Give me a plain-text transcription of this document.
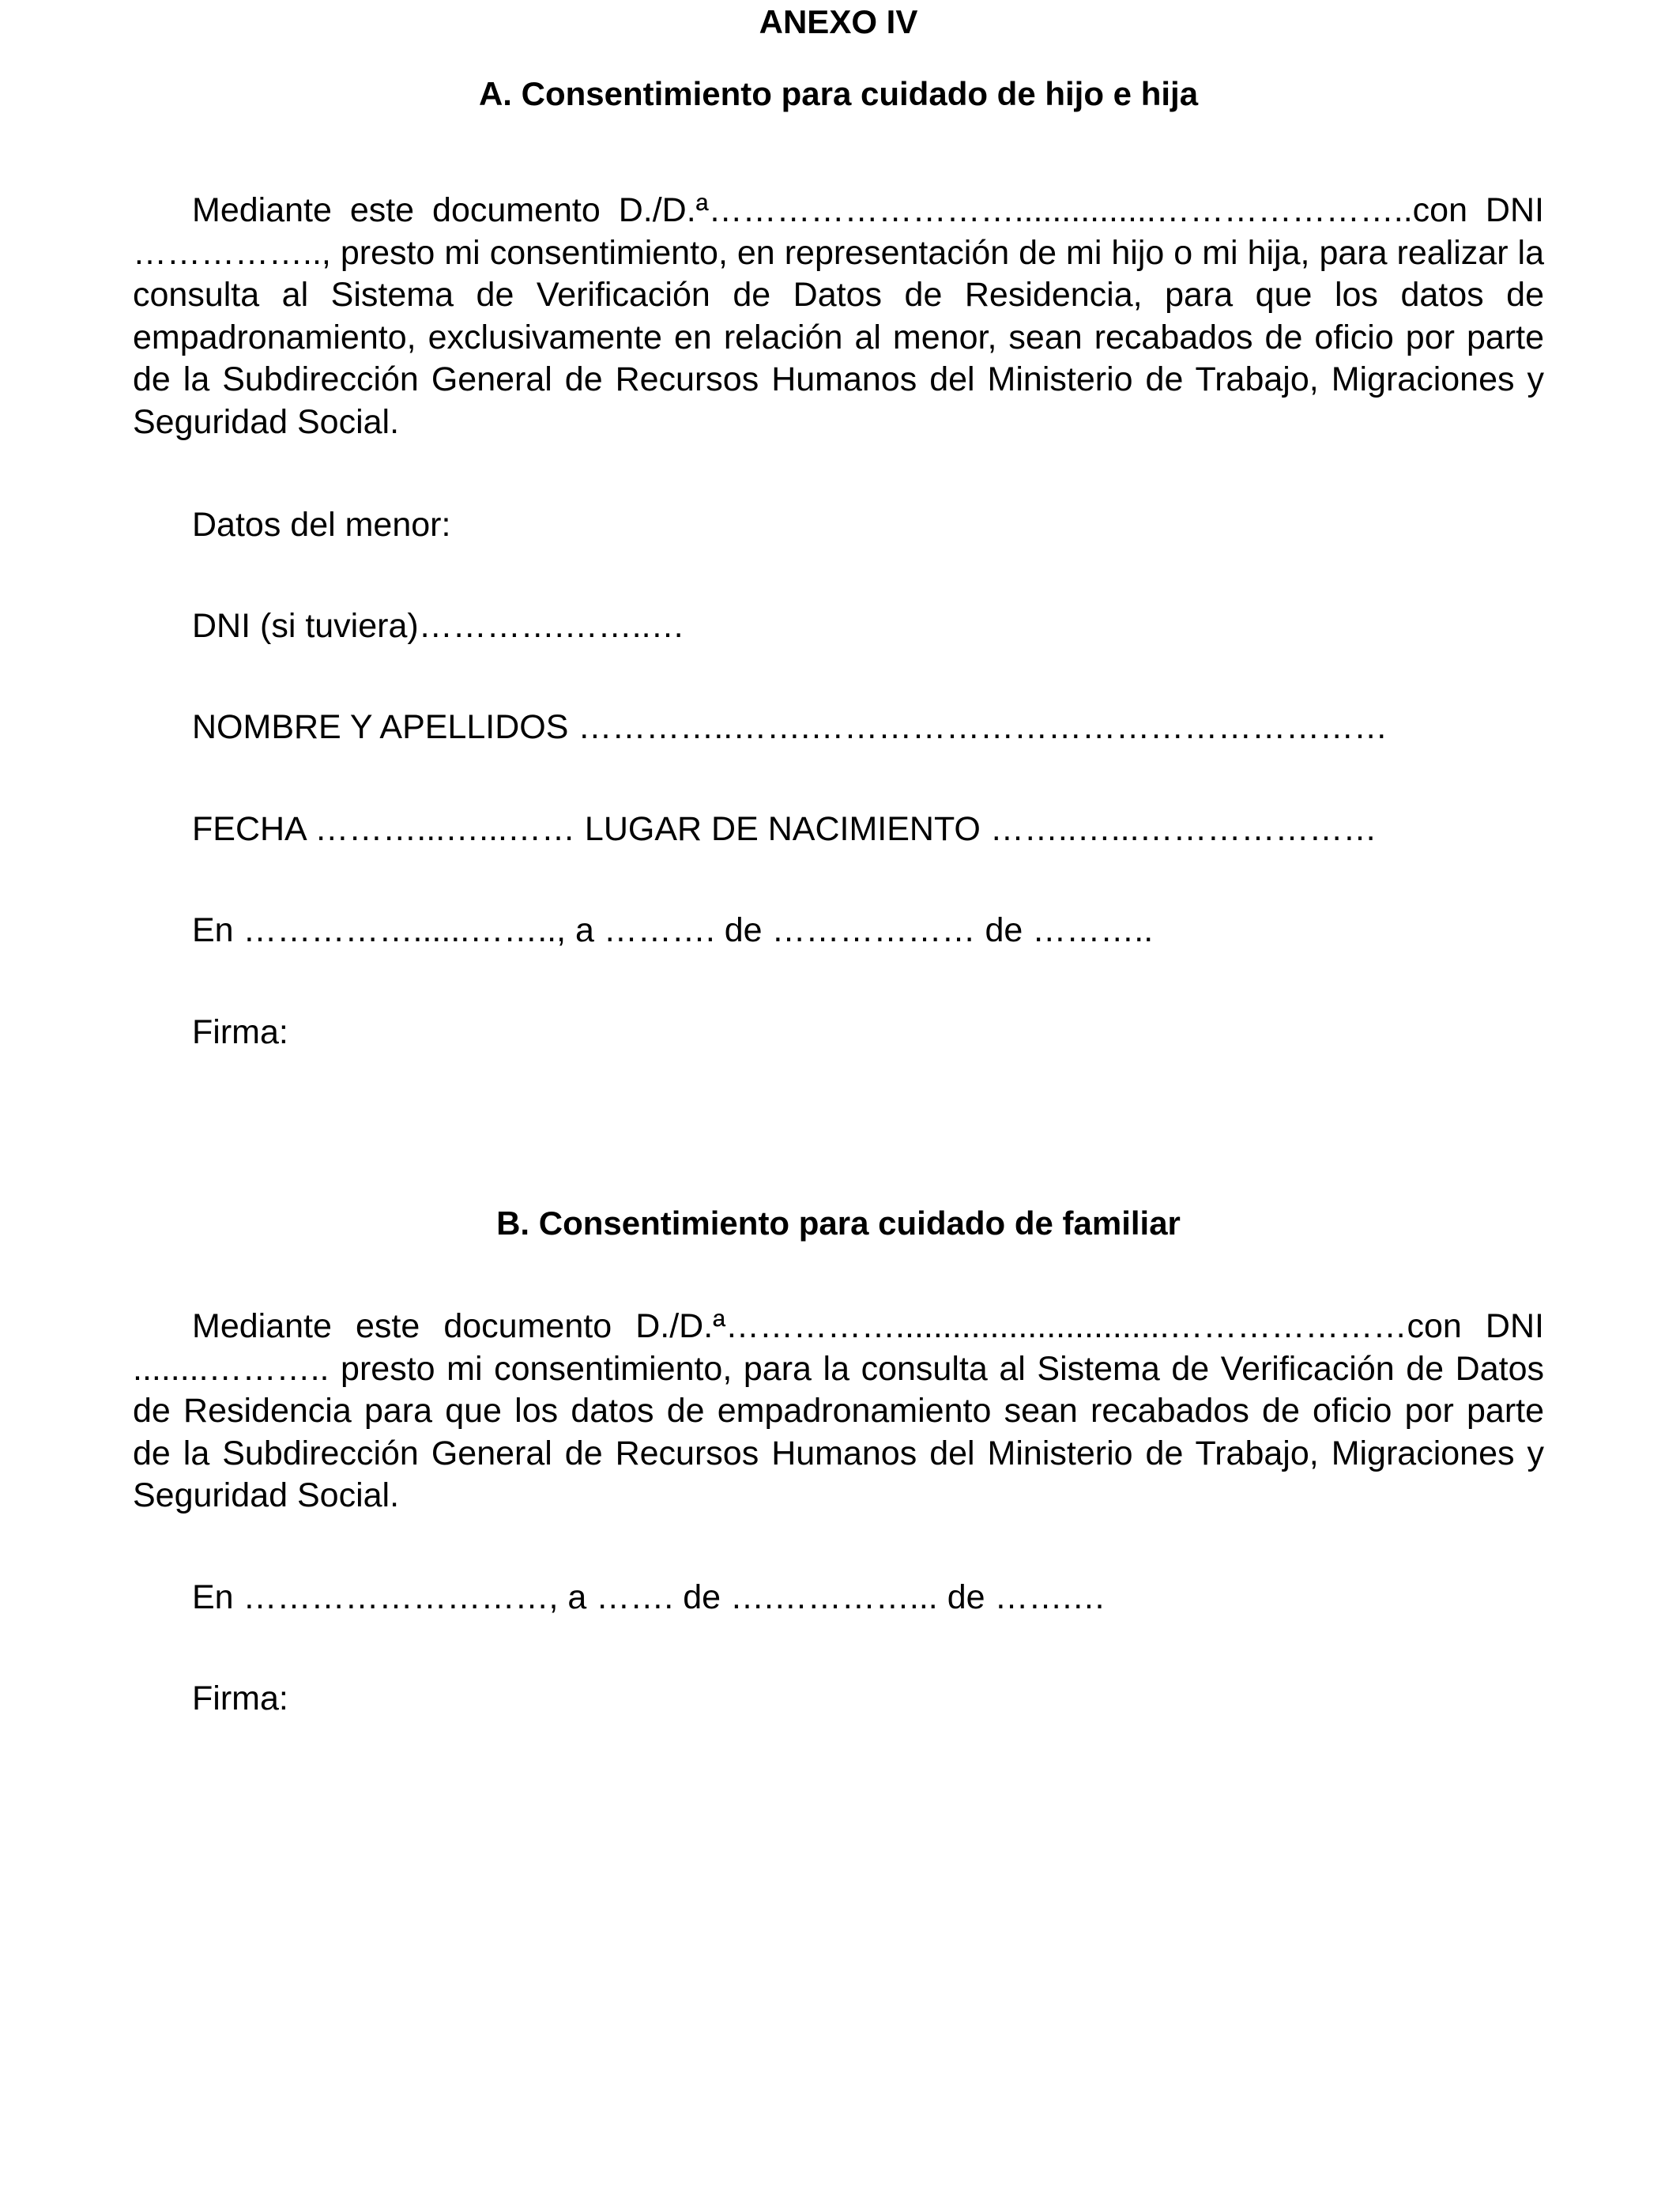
ANEXO IV
A. Consentimiento para cuidado de hijo e hija

Mediante este documento D./D.ª………………………...............…………………..con DNI …………….., presto mi consentimiento, en representación de mi hijo o mi hija, para realizar la consulta al Sistema de Verificación de Datos de Residencia, para que los datos de empadronamiento, exclusivamente en relación al menor, sean recabados de oficio por parte de la Subdirección General de Recursos Humanos del Ministerio de Trabajo, Migraciones y Seguridad Social.

Datos del menor:

DNI (si tuviera)………….……..…

NOMBRE Y APELLIDOS …………..…….……………………………………………

FECHA ………...…...…… LUGAR DE NACIMIENTO ……..…...…………………

En ……………......…….., a ………. de ……………… de ………..

Firma:

B. Consentimiento para cuidado de familiar

Mediante este documento D./D.ª…………….............................…………………con DNI ........……….. presto mi consentimiento, para la consulta al Sistema de Verificación de Datos de Residencia para que los datos de empadronamiento sean recabados de oficio por parte de la Subdirección General de Recursos Humanos del Ministerio de Trabajo, Migraciones y Seguridad Social.

En ………………………, a ……. de ….…………... de …….…

Firma:
